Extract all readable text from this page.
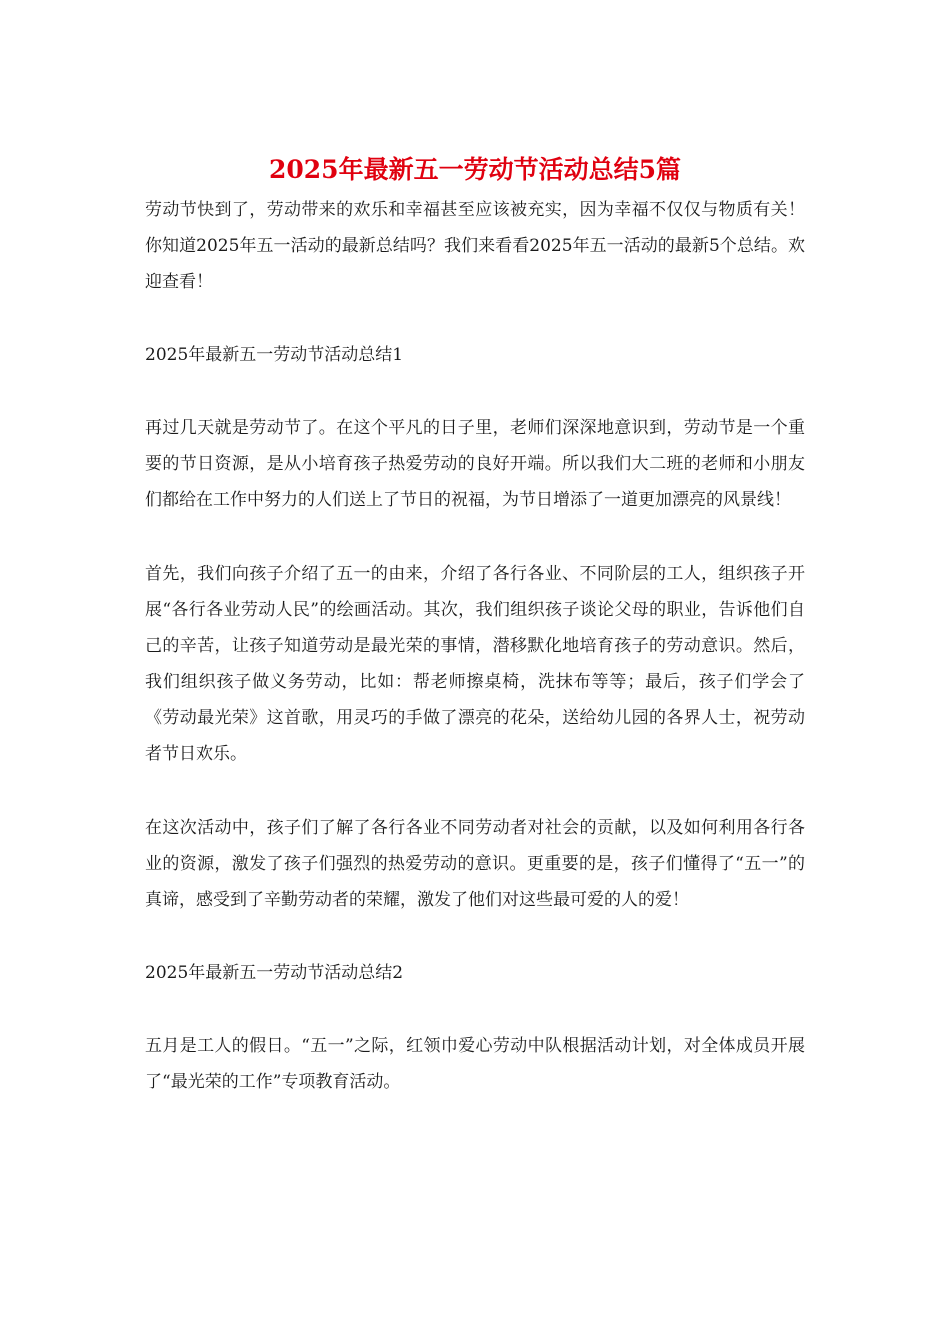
2025年最新五一劳动节活动总结5篇

劳动节快到了，劳动带来的欢乐和幸福甚至应该被充实，因为幸福不仅仅与物质有关！你知道2025年五一活动的最新总结吗？我们来看看2025年五一活动的最新5个总结。欢迎查看！

2025年最新五一劳动节活动总结1

再过几天就是劳动节了。在这个平凡的日子里，老师们深深地意识到，劳动节是一个重要的节日资源，是从小培育孩子热爱劳动的良好开端。所以我们大二班的老师和小朋友们都给在工作中努力的人们送上了节日的祝福，为节日增添了一道更加漂亮的风景线！

首先，我们向孩子介绍了五一的由来，介绍了各行各业、不同阶层的工人，组织孩子开展“各行各业劳动人民”的绘画活动。其次，我们组织孩子谈论父母的职业，告诉他们自己的辛苦，让孩子知道劳动是最光荣的事情，潜移默化地培育孩子的劳动意识。然后，我们组织孩子做义务劳动，比如：帮老师擦桌椅，洗抹布等等；最后，孩子们学会了《劳动最光荣》这首歌，用灵巧的手做了漂亮的花朵，送给幼儿园的各界人士，祝劳动者节日欢乐。

在这次活动中，孩子们了解了各行各业不同劳动者对社会的贡献，以及如何利用各行各业的资源，激发了孩子们强烈的热爱劳动的意识。更重要的是，孩子们懂得了“五一”的真谛，感受到了辛勤劳动者的荣耀，激发了他们对这些最可爱的人的爱！

2025年最新五一劳动节活动总结2

五月是工人的假日。“五一”之际，红领巾爱心劳动中队根据活动计划，对全体成员开展了“最光荣的工作”专项教育活动。
